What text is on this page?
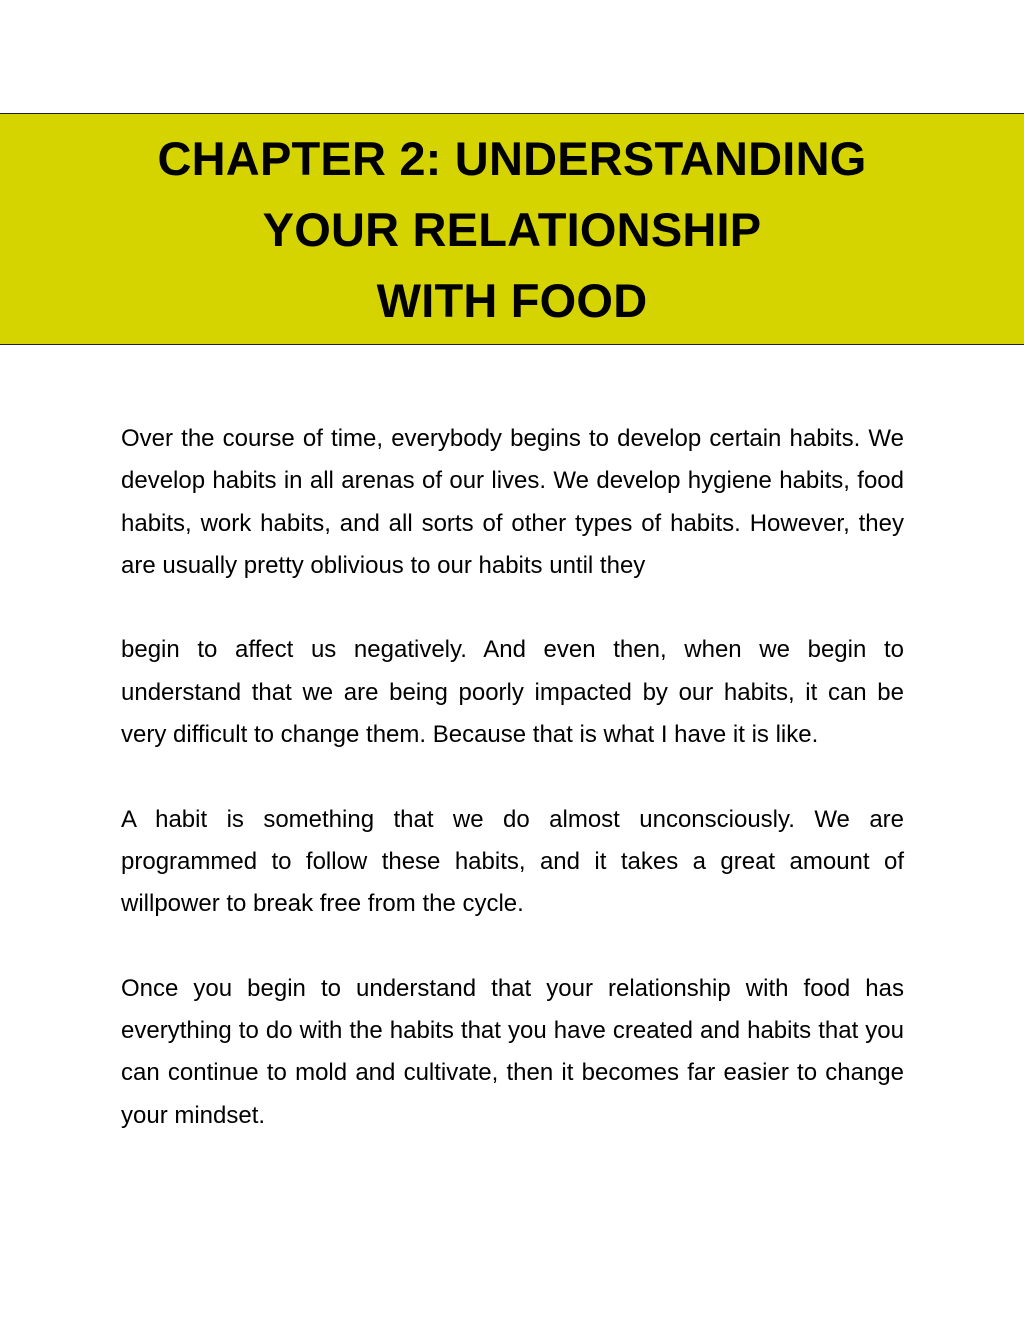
CHAPTER 2: UNDERSTANDING
YOUR RELATIONSHIP
WITH FOOD

Over the course of time, everybody begins to develop certain habits. We develop habits in all arenas of our lives. We develop hygiene habits, food habits, work habits, and all sorts of other types of habits. However, they are usually pretty oblivious to our habits until they

begin to affect us negatively. And even then, when we begin to understand that we are being poorly impacted by our habits, it can be very difficult to change them. Because that is what I have it is like.

A habit is something that we do almost unconsciously. We are programmed to follow these habits, and it takes a great amount of willpower to break free from the cycle.

Once you begin to understand that your relationship with food has everything to do with the habits that you have created and habits that you can continue to mold and cultivate, then it becomes far easier to change your mindset.
